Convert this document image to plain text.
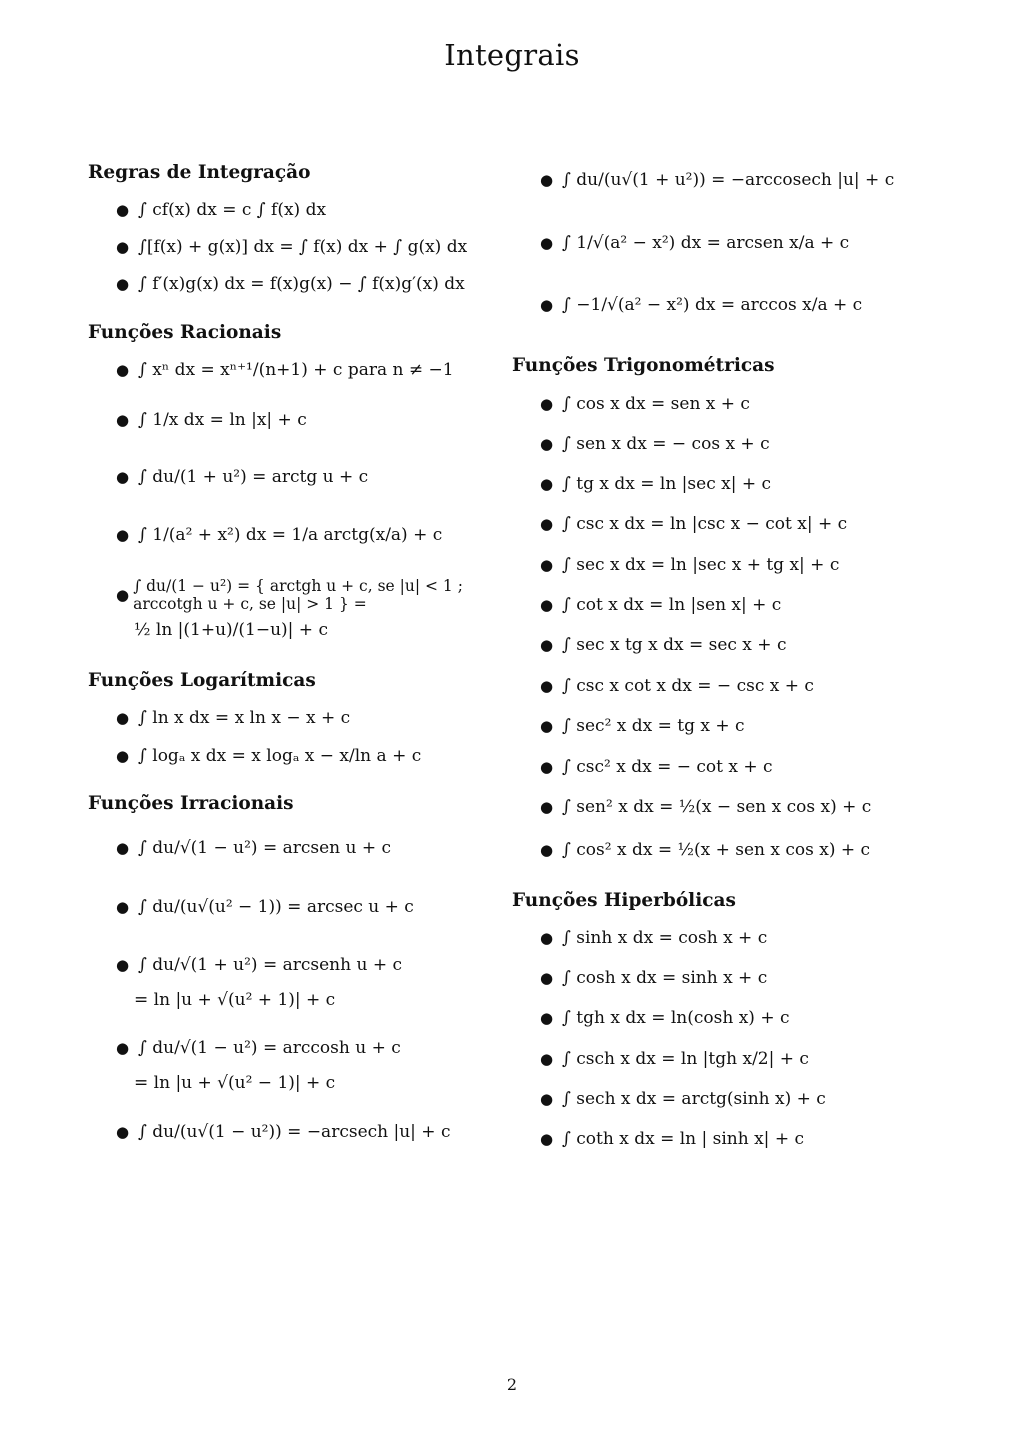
Integrais
Regras de Integração
● ∫ cf(x) dx = c ∫ f(x) dx
● ∫[f(x) + g(x)] dx = ∫ f(x) dx + ∫ g(x) dx
● ∫ f′(x)g(x) dx = f(x)g(x) − ∫ f(x)g′(x) dx
Funções Racionais
● ∫ xⁿ dx = xⁿ⁺¹/(n+1) + c para n ≠ −1
● ∫ 1/x dx = ln |x| + c
● ∫ du/(1 + u²) = arctg u + c
● ∫ 1/(a² + x²) dx = 1/a arctg(x/a) + c
● ∫ du/(1 − u²) = { arctgh u + c, se |u| < 1 ; arccotgh u + c, se |u| > 1 } =
½ ln |(1+u)/(1−u)| + c
Funções Logarítmicas
● ∫ ln x dx = x ln x − x + c
● ∫ logₐ x dx = x logₐ x − x/ln a + c
Funções Irracionais
● ∫ du/√(1 − u²) = arcsen u + c
● ∫ du/(u√(u² − 1)) = arcsec u + c
● ∫ du/√(1 + u²) = arcsenh u + c
= ln |u + √(u² + 1)| + c
● ∫ du/√(1 − u²) = arccosh u + c
= ln |u + √(u² − 1)| + c
● ∫ du/(u√(1 − u²)) = −arcsech |u| + c
● ∫ du/(u√(1 + u²)) = −arccosech |u| + c
● ∫ 1/√(a² − x²) dx = arcsen x/a + c
● ∫ −1/√(a² − x²) dx = arccos x/a + c
Funções Trigonométricas
● ∫ cos x dx = sen x + c
● ∫ sen x dx = − cos x + c
● ∫ tg x dx = ln |sec x| + c
● ∫ csc x dx = ln |csc x − cot x| + c
● ∫ sec x dx = ln |sec x + tg x| + c
● ∫ cot x dx = ln |sen x| + c
● ∫ sec x tg x dx = sec x + c
● ∫ csc x cot x dx = − csc x + c
● ∫ sec² x dx = tg x + c
● ∫ csc² x dx = − cot x + c
● ∫ sen² x dx = ½(x − sen x cos x) + c
● ∫ cos² x dx = ½(x + sen x cos x) + c
Funções Hiperbólicas
● ∫ sinh x dx = cosh x + c
● ∫ cosh x dx = sinh x + c
● ∫ tgh x dx = ln(cosh x) + c
● ∫ csch x dx = ln |tgh x/2| + c
● ∫ sech x dx = arctg(sinh x) + c
● ∫ coth x dx = ln | sinh x| + c
2
